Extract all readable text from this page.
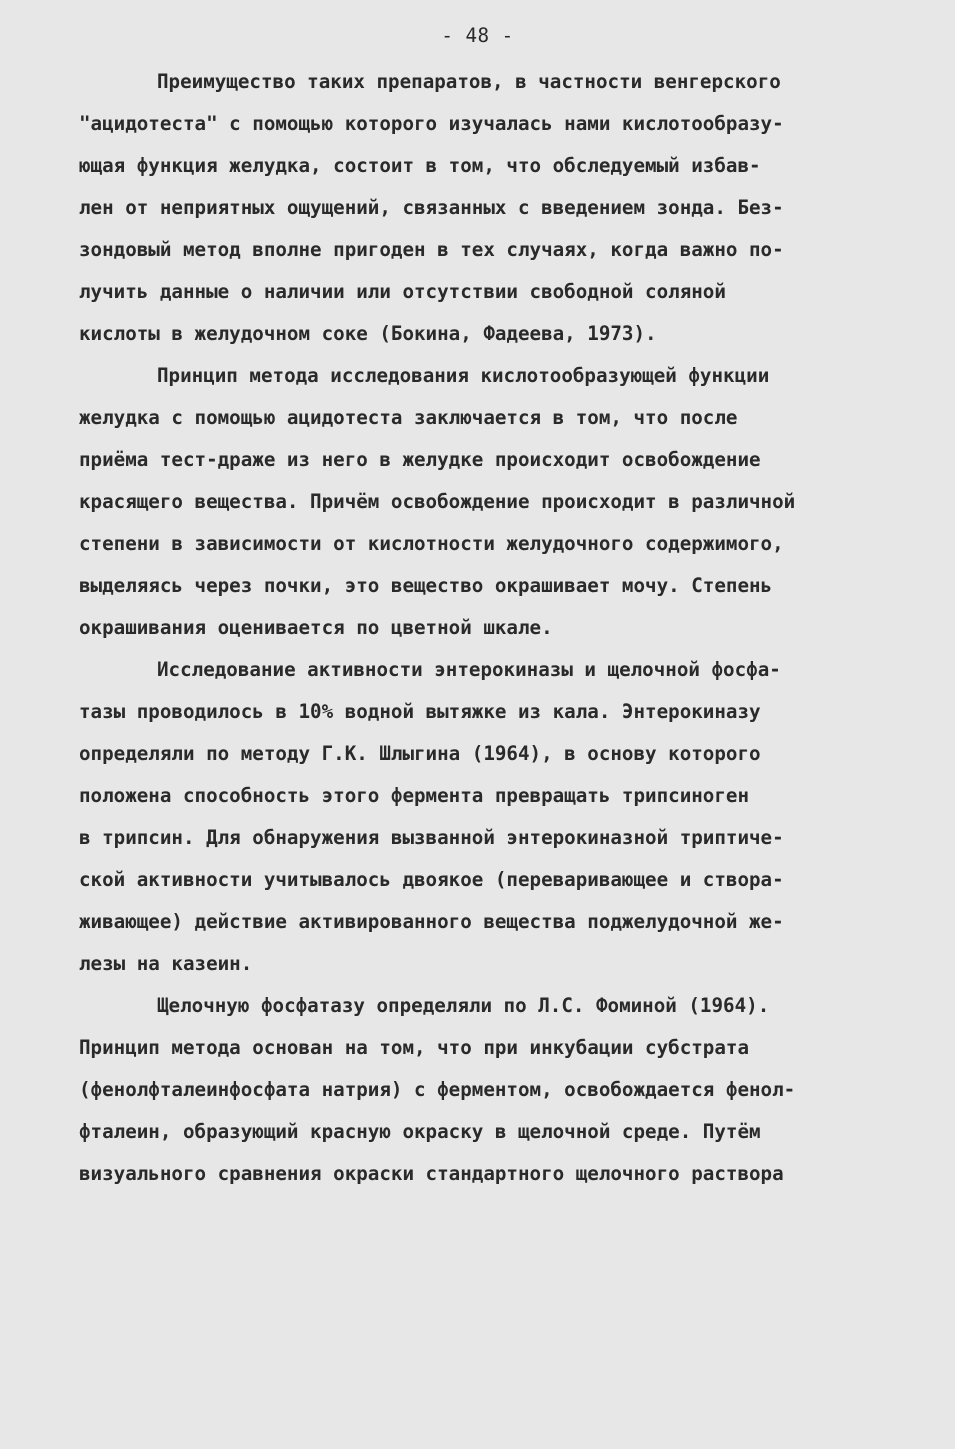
- 48 -
Преимущество таких препаратов, в частности венгерского
"ацидотеста" с помощью которого изучалась нами кислотообразу-
ющая функция желудка, состоит в том, что обследуемый избав-
лен от неприятных ощущений, связанных с введением зонда. Без-
зондовый метод вполне пригоден в тех случаях, когда важно по-
лучить данные о наличии или отсутствии свободной соляной
кислоты в желудочном соке (Бокина, Фадеева, 1973).
Принцип метода исследования кислотообразующей функции
желудка с помощью ацидотеста заключается в том, что после
приёма тест-драже из него в желудке происходит освобождение
красящего вещества. Причём освобождение происходит в различной
степени в зависимости от кислотности желудочного содержимого,
выделяясь через почки, это вещество окрашивает мочу. Степень
окрашивания оценивается по цветной шкале.
Исследование активности энтерокиназы и щелочной фосфа-
тазы проводилось в 10% водной вытяжке из кала. Энтерокиназу
определяли по методу Г.К. Шлыгина (1964), в основу которого
положена способность этого фермента превращать трипсиноген
в трипсин. Для обнаружения вызванной энтерокиназной триптиче-
ской активности учитывалось двоякое (переваривающее и створа-
живающее) действие активированного вещества поджелудочной же-
лезы на казеин.
Щелочную фосфатазу определяли по Л.С. Фоминой (1964).
Принцип метода основан на том, что при инкубации субстрата
(фенолфталеинфосфата натрия) с ферментом, освобождается фенол-
фталеин, образующий красную окраску в щелочной среде. Путём
визуального сравнения окраски стандартного щелочного раствора
